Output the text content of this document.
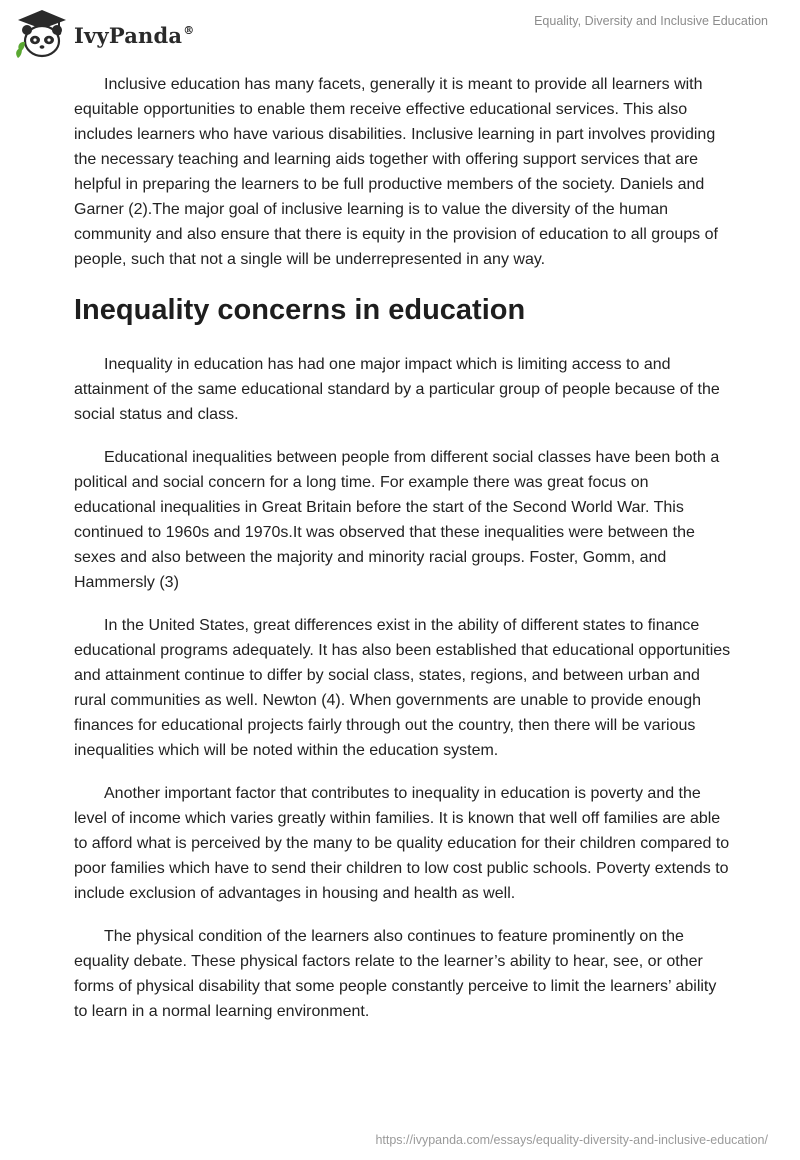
IvyPanda®
Equality, Diversity and Inclusive Education

Inclusive education has many facets, generally it is meant to provide all learners with equitable opportunities to enable them receive effective educational services. This also includes learners who have various disabilities. Inclusive learning in part involves providing the necessary teaching and learning aids together with offering support services that are helpful in preparing the learners to be full productive members of the society. Daniels and Garner (2).The major goal of inclusive learning is to value the diversity of the human community and also ensure that there is equity in the provision of education to all groups of people, such that not a single will be underrepresented in any way.

Inequality concerns in education

Inequality in education has had one major impact which is limiting access to and attainment of the same educational standard by a particular group of people because of the social status and class.

Educational inequalities between people from different social classes have been both a political and social concern for a long time. For example there was great focus on educational inequalities in Great Britain before the start of the Second World War. This continued to 1960s and 1970s.It was observed that these inequalities were between the sexes and also between the majority and minority racial groups. Foster, Gomm, and Hammersly (3)

In the United States, great differences exist in the ability of different states to finance educational programs adequately. It has also been established that educational opportunities and attainment continue to differ by social class, states, regions, and between urban and rural communities as well. Newton (4). When governments are unable to provide enough finances for educational projects fairly through out the country, then there will be various inequalities which will be noted within the education system.

Another important factor that contributes to inequality in education is poverty and the level of income which varies greatly within families. It is known that well off families are able to afford what is perceived by the many to be quality education for their children compared to poor families which have to send their children to low cost public schools. Poverty extends to include exclusion of advantages in housing and health as well.

The physical condition of the learners also continues to feature prominently on the equality debate. These physical factors relate to the learner’s ability to hear, see, or other forms of physical disability that some people constantly perceive to limit the learners’ ability to learn in a normal learning environment.

https://ivypanda.com/essays/equality-diversity-and-inclusive-education/
